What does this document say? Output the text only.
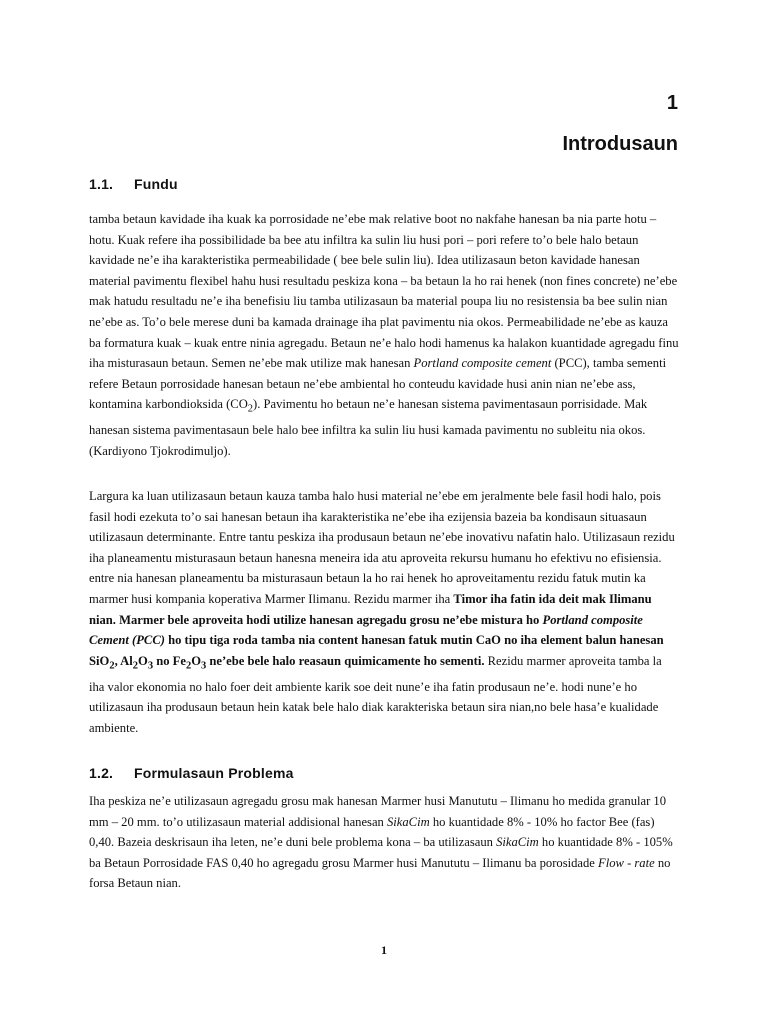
1
Introdusaun
1.1. Fundu

tamba betaun kavidade iha kuak ka porrosidade ne’ebe mak relative boot no nakfahe hanesan ba nia parte hotu – hotu. Kuak refere iha possibilidade ba bee atu infiltra ka sulin liu husi pori – pori refere to’o bele halo betaun kavidade ne’e iha karakteristika permeabilidade ( bee bele sulin liu). Idea utilizasaun beton kavidade hanesan material pavimentu flexibel hahu husi resultadu peskiza kona – ba betaun la ho rai henek (non fines concrete) ne’ebe mak hatudu resultadu ne’e iha benefisiu liu tamba utilizasaun ba material poupa liu no resistensia ba bee sulin nian ne’ebe as. To’o bele merese duni ba kamada drainage iha plat pavimentu nia okos. Permeabilidade ne’ebe as kauza ba formatura kuak – kuak entre ninia agregadu. Betaun ne’e halo hodi hamenus ka halakon kuantidade agregadu finu iha misturasaun betaun. Semen ne’ebe mak utilize mak hanesan Portland composite cement (PCC), tamba sementi refere Betaun porrosidade hanesan betaun ne’ebe ambiental ho conteudu kavidade husi anin nian ne’ebe ass, kontamina karbondioksida $(CO_2)$. Pavimentu ho betaun ne’e hanesan sistema pavimentasaun porrisidade. Mak hanesan sistema pavimentasaun bele halo bee infiltra ka sulin liu husi kamada pavimentu no subleitu nia okos. (Kardiyono Tjokrodimuljo).

Largura ka luan utilizasaun betaun kauza tamba halo husi material ne’ebe em jeralmente bele fasil hodi halo, pois fasil hodi ezekuta to’o sai hanesan betaun iha karakteristika ne’ebe iha ezijensia bazeia ba kondisaun situasaun utilizasaun determinante. Entre tantu peskiza iha produsaun betaun ne’ebe inovativu nafatin halo. Utilizasaun rezidu iha planeamentu misturasaun betaun hanesna meneira ida atu aproveita rekursu humanu ho efektivu no efisiensia. entre nia hanesan planeamentu ba misturasaun betaun la ho rai henek ho aproveitamentu rezidu fatuk mutin ka marmer husi kompania koperativa Marmer Ilimanu. Rezidu marmer iha Timor iha fatin ida deit mak Ilimanu nian. Marmer bele aproveita hodi utilize hanesan agregadu grosu ne’ebe mistura ho Portland composite Cement (PCC) ho tipu tiga roda tamba nia content hanesan fatuk mutin CaO no iha element balun hanesan SiO$_2$, $Al_2O_3$ no $Fe_2O_3$ ne’ebe bele halo reasaun quimicamente ho sementi. Rezidu marmer aproveita tamba la iha valor ekonomia no halo foer deit ambiente karik soe deit nune’e iha fatin produsaun ne’e. hodi nune’e ho utilizasaun iha produsaun betaun hein katak bele halo diak karakteriska betaun sira nian,no bele hasa’e kualidade ambiente.

1.2. Formulasaun Problema

Iha peskiza ne’e utilizasaun agregadu grosu mak hanesan Marmer husi Manututu – Ilimanu ho medida granular 10 mm – 20 mm. to’o utilizasaun material addisional hanesan SikaCim ho kuantidade 8% - 10% ho factor Bee (fas) 0,40. Bazeia deskrisaun iha leten, ne’e duni bele problema kona – ba utilizasaun SikaCim ho kuantidade 8% - 105% ba Betaun Porrosidade FAS 0,40 ho agregadu grosu Marmer husi Manututu – Ilimanu ba porosidade Flow - rate no forsa Betaun nian.

1
